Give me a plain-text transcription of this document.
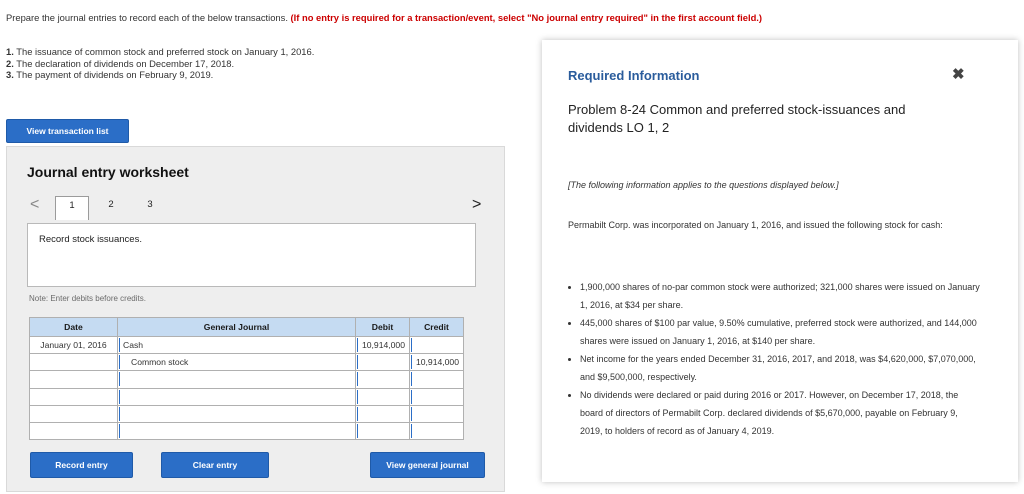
Prepare the journal entries to record each of the below transactions. (If no entry is required for a transaction/event, select "No journal entry required" in the first account field.)
1. The issuance of common stock and preferred stock on January 1, 2016.
2. The declaration of dividends on December 17, 2018.
3. The payment of dividends on February 9, 2019.
View transaction list
Journal entry worksheet
<	1	2	3	>
Record stock issuances.
Note: Enter debits before credits.
Date	General Journal	Debit	Credit
January 01, 2016	Cash	10,914,000	

	Common stock		10,914,000

Record entry	Clear entry	View general journal
Required Information	✖
Problem 8-24 Common and preferred stock-issuances and dividends LO 1, 2
[The following information applies to the questions displayed below.]
Permabilt Corp. was incorporated on January 1, 2016, and issued the following stock for cash:
• 1,900,000 shares of no-par common stock were authorized; 321,000 shares were issued on January 1, 2016, at $34 per share.
• 445,000 shares of $100 par value, 9.50% cumulative, preferred stock were authorized, and 144,000 shares were issued on January 1, 2016, at $140 per share.
• Net income for the years ended December 31, 2016, 2017, and 2018, was $4,620,000, $7,070,000, and $9,500,000, respectively.
• No dividends were declared or paid during 2016 or 2017. However, on December 17, 2018, the board of directors of Permabilt Corp. declared dividends of $5,670,000, payable on February 9, 2019, to holders of record as of January 4, 2019.
